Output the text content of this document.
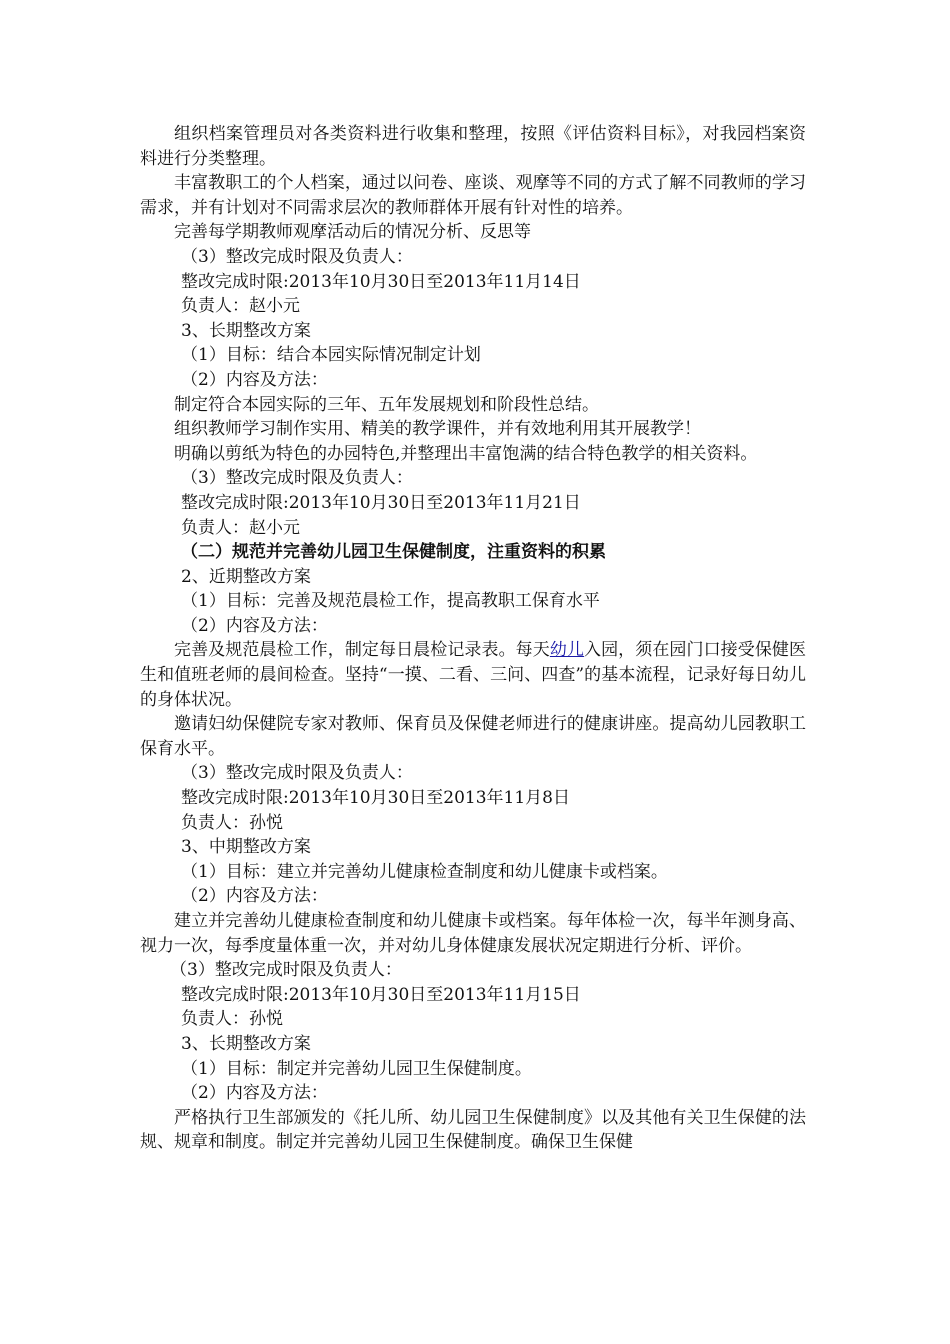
组织档案管理员对各类资料进行收集和整理，按照《评估资料目标》，对我园档案资料进行分类整理。

丰富教职工的个人档案，通过以问卷、座谈、观摩等不同的方式了解不同教师的学习需求，并有计划对不同需求层次的教师群体开展有针对性的培养。

完善每学期教师观摩活动后的情况分析、反思等

（3）整改完成时限及负责人：

整改完成时限:2013年10月30日至2013年11月14日

负责人：赵小元

3、长期整改方案

（1）目标：结合本园实际情况制定计划

（2）内容及方法：

制定符合本园实际的三年、五年发展规划和阶段性总结。

组织教师学习制作实用、精美的教学课件，并有效地利用其开展教学！

明确以剪纸为特色的办园特色,并整理出丰富饱满的结合特色教学的相关资料。

（3）整改完成时限及负责人：

整改完成时限:2013年10月30日至2013年11月21日

负责人：赵小元

（二）规范并完善幼儿园卫生保健制度，注重资料的积累

2、近期整改方案

（1）目标：完善及规范晨检工作，提高教职工保育水平

（2）内容及方法：

完善及规范晨检工作，制定每日晨检记录表。每天幼儿入园，须在园门口接受保健医生和值班老师的晨间检查。坚持“一摸、二看、三问、四查”的基本流程，记录好每日幼儿的身体状况。

邀请妇幼保健院专家对教师、保育员及保健老师进行的健康讲座。提高幼儿园教职工保育水平。

（3）整改完成时限及负责人：

整改完成时限:2013年10月30日至2013年11月8日

负责人：孙悦

3、中期整改方案

（1）目标：建立并完善幼儿健康检查制度和幼儿健康卡或档案。

（2）内容及方法：

建立并完善幼儿健康检查制度和幼儿健康卡或档案。每年体检一次，每半年测身高、视力一次，每季度量体重一次，并对幼儿身体健康发展状况定期进行分析、评价。

（3）整改完成时限及负责人：

整改完成时限:2013年10月30日至2013年11月15日

负责人：孙悦

3、长期整改方案

（1）目标：制定并完善幼儿园卫生保健制度。

（2）内容及方法：

严格执行卫生部颁发的《托儿所、幼儿园卫生保健制度》以及其他有关卫生保健的法规、规章和制度。制定并完善幼儿园卫生保健制度。确保卫生保健
